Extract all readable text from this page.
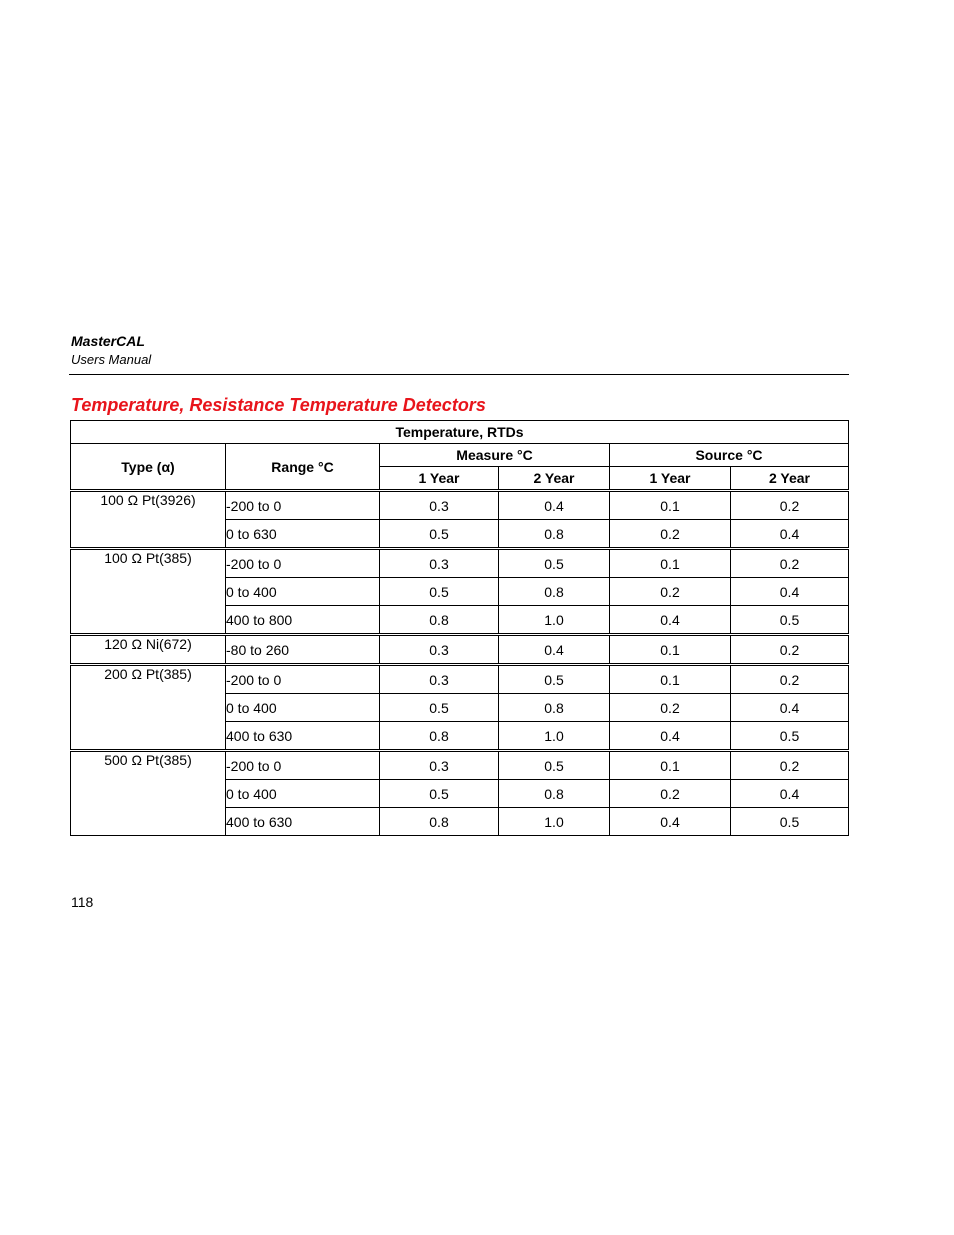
MasterCAL
Users Manual
Temperature, Resistance Temperature Detectors
Temperature, RTDs					
Type (α)	Range °C	Measure °C		Source °C	
		1 Year	2 Year	1 Year	2 Year
100 Ω Pt(3926)	-200 to 0	0.3	0.4	0.1	0.2
	0 to 630	0.5	0.8	0.2	0.4
100 Ω Pt(385)	-200 to 0	0.3	0.5	0.1	0.2
	0 to 400	0.5	0.8	0.2	0.4
	400 to 800	0.8	1.0	0.4	0.5
120 Ω Ni(672)	-80 to 260	0.3	0.4	0.1	0.2
200 Ω Pt(385)	-200 to 0	0.3	0.5	0.1	0.2
	0 to 400	0.5	0.8	0.2	0.4
	400 to 630	0.8	1.0	0.4	0.5
500 Ω Pt(385)	-200 to 0	0.3	0.5	0.1	0.2
	0 to 400	0.5	0.8	0.2	0.4
	400 to 630	0.8	1.0	0.4	0.5
118
